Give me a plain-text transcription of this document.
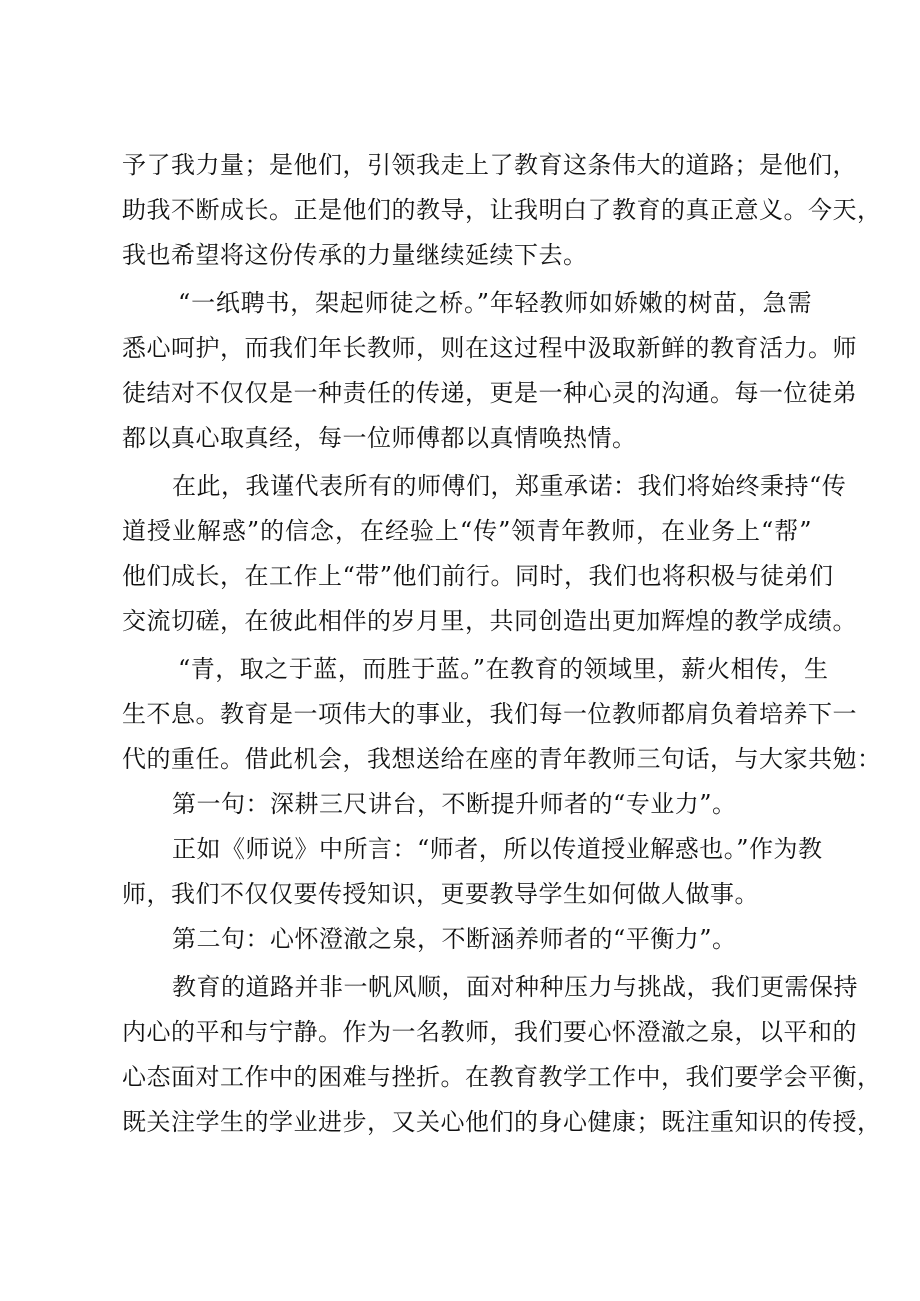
予了我力量；是他们，引领我走上了教育这条伟大的道路；是他们，
助我不断成长。正是他们的教导，让我明白了教育的真正意义。今天，
我也希望将这份传承的力量继续延续下去。
“一纸聘书，架起师徒之桥。”年轻教师如娇嫩的树苗，急需
悉心呵护，而我们年长教师，则在这过程中汲取新鲜的教育活力。师
徒结对不仅仅是一种责任的传递，更是一种心灵的沟通。每一位徒弟
都以真心取真经，每一位师傅都以真情唤热情。
在此，我谨代表所有的师傅们，郑重承诺：我们将始终秉持“传
道授业解惑”的信念，在经验上“传”领青年教师，在业务上“帮”
他们成长，在工作上“带”他们前行。同时，我们也将积极与徒弟们
交流切磋，在彼此相伴的岁月里，共同创造出更加辉煌的教学成绩。
“青，取之于蓝，而胜于蓝。”在教育的领域里，薪火相传，生
生不息。教育是一项伟大的事业，我们每一位教师都肩负着培养下一
代的重任。借此机会，我想送给在座的青年教师三句话，与大家共勉：
第一句：深耕三尺讲台，不断提升师者的“专业力”。
正如《师说》中所言：“师者，所以传道授业解惑也。”作为教
师，我们不仅仅要传授知识，更要教导学生如何做人做事。
第二句：心怀澄澈之泉，不断涵养师者的“平衡力”。
教育的道路并非一帆风顺，面对种种压力与挑战，我们更需保持
内心的平和与宁静。作为一名教师，我们要心怀澄澈之泉，以平和的
心态面对工作中的困难与挫折。在教育教学工作中，我们要学会平衡，
既关注学生的学业进步，又关心他们的身心健康；既注重知识的传授，
